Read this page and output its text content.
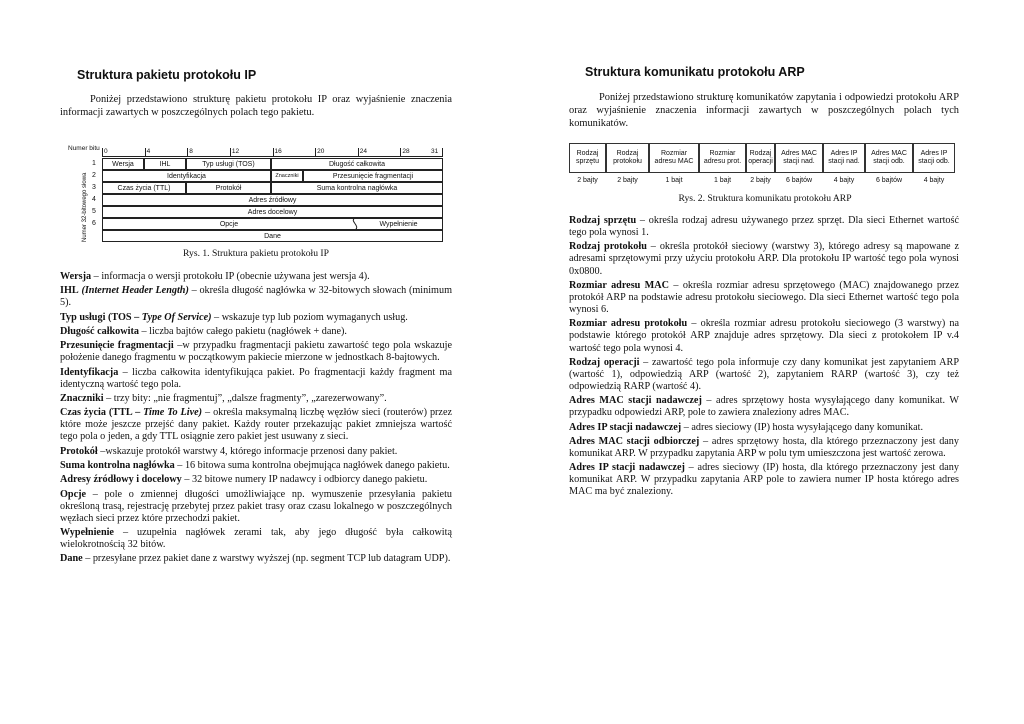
Struktura pakietu protokołu IP

Poniżej przedstawiono strukturę pakietu protokołu IP oraz wyjaśnienie znaczenia informacji zawartych w poszczególnych polach tego pakietu.

Numer bitu
Numer 32-bitowego słowa
0	4	8	12	16	20	24	28	31
1
2
3
4
5
6
Wersja	IHL	Typ usługi (TOS)	Długość całkowita
Identyfikacja	Znaczniki	Przesunięcie fragmentacji
Czas życia (TTL)	Protokół	Suma kontrolna nagłówka
Adres źródłowy
Adres docelowy
Opcje	Wypełnienie
Dane
Rys. 1. Struktura pakietu protokołu IP

Wersja – informacja o wersji protokołu IP (obecnie używana jest wersja 4).

IHL (Internet Header Length) – określa długość nagłówka w 32-bitowych słowach (minimum 5).

Typ usługi (TOS – Type Of Service) – wskazuje typ lub poziom wymaganych usług.

Długość całkowita – liczba bajtów całego pakietu (nagłówek + dane).

Przesunięcie fragmentacji –w przypadku fragmentacji pakietu zawartość tego pola wskazuje położenie danego fragmentu w początkowym pakiecie mierzone w jednostkach 8-bajtowych.

Identyfikacja – liczba całkowita identyfikująca pakiet. Po fragmentacji każdy fragment ma identyczną wartość tego pola.

Znaczniki – trzy bity: „nie fragmentuj”, „dalsze fragmenty”, „zarezerwowany”.

Czas życia (TTL – Time To Live) – określa maksymalną liczbę węzłów sieci (routerów) przez które może jeszcze przejść dany pakiet. Każdy router przekazując pakiet zmniejsza wartość tego pola o jeden, a gdy TTL osiągnie zero pakiet jest usuwany z sieci.

Protokół –wskazuje protokół warstwy 4, którego informacje przenosi dany pakiet.

Suma kontrolna nagłówka – 16 bitowa suma kontrolna obejmująca nagłówek danego pakietu.

Adresy źródłowy i docelowy – 32 bitowe numery IP nadawcy i odbiorcy danego pakietu.

Opcje – pole o zmiennej długości umożliwiające np. wymuszenie przesyłania pakietu określoną trasą, rejestrację przebytej przez pakiet trasy oraz czasu lokalnego w poszczególnych węzłach sieci przez które przechodzi pakiet.

Wypełnienie – uzupełnia nagłówek zerami tak, aby jego długość była całkowitą wielokrotnością 32 bitów.

Dane – przesyłane przez pakiet dane z warstwy wyższej (np. segment TCP lub datagram UDP).

Struktura komunikatu protokołu ARP

Poniżej przedstawiono strukturę komunikatów zapytania i odpowiedzi protokołu ARP oraz wyjaśnienie znaczenia informacji zawartych w poszczególnych polach tych komunikatów.

Rodzaj
sprzętu
2 bajty
Rodzaj
protokołu
2 bajty
Rozmiar
adresu MAC
1 bajt
Rozmiar
adresu prot.
1 bajt
Rodzaj
operacji
2 bajty
Adres MAC
stacji nad.
6 bajtów
Adres IP
stacji nad.
4 bajty
Adres MAC
stacji odb.
6 bajtów
Adres IP
stacji odb.
4 bajty
Rys. 2. Struktura komunikatu protokołu ARP

Rodzaj sprzętu – określa rodzaj adresu używanego przez sprzęt. Dla sieci Ethernet wartość tego pola wynosi 1.

Rodzaj protokołu – określa protokół sieciowy (warstwy 3), którego adresy są mapowane z adresami sprzętowymi przy użyciu protokołu ARP. Dla protokołu IP wartość tego pola wynosi 0x0800.

Rozmiar adresu MAC – określa rozmiar adresu sprzętowego (MAC) znajdowanego przez protokół ARP na podstawie adresu protokołu sieciowego. Dla sieci Ethernet wartość tego pola wynosi 6.

Rozmiar adresu protokołu – określa rozmiar adresu protokołu sieciowego (3 warstwy) na podstawie którego protokół ARP znajduje adres sprzętowy. Dla sieci z protokołem IP v.4 wartość tego pola wynosi 4.

Rodzaj operacji – zawartość tego pola informuje czy dany komunikat jest zapytaniem ARP (wartość 1), odpowiedzią ARP (wartość 2), zapytaniem RARP (wartość 3), czy też odpowiedzią RARP (wartość 4).

Adres MAC stacji nadawczej – adres sprzętowy hosta wysyłającego dany komunikat. W przypadku odpowiedzi ARP, pole to zawiera znaleziony adres MAC.

Adres IP stacji nadawczej – adres sieciowy (IP) hosta wysyłającego dany komunikat.

Adres MAC stacji odbiorczej – adres sprzętowy hosta, dla którego przeznaczony jest dany komunikat ARP. W przypadku zapytania ARP w polu tym umieszczona jest wartość zerowa.

Adres IP stacji nadawczej – adres sieciowy (IP) hosta, dla którego przeznaczony jest dany komunikat ARP. W przypadku zapytania ARP pole to zawiera numer IP hosta którego adres MAC ma być znaleziony.
